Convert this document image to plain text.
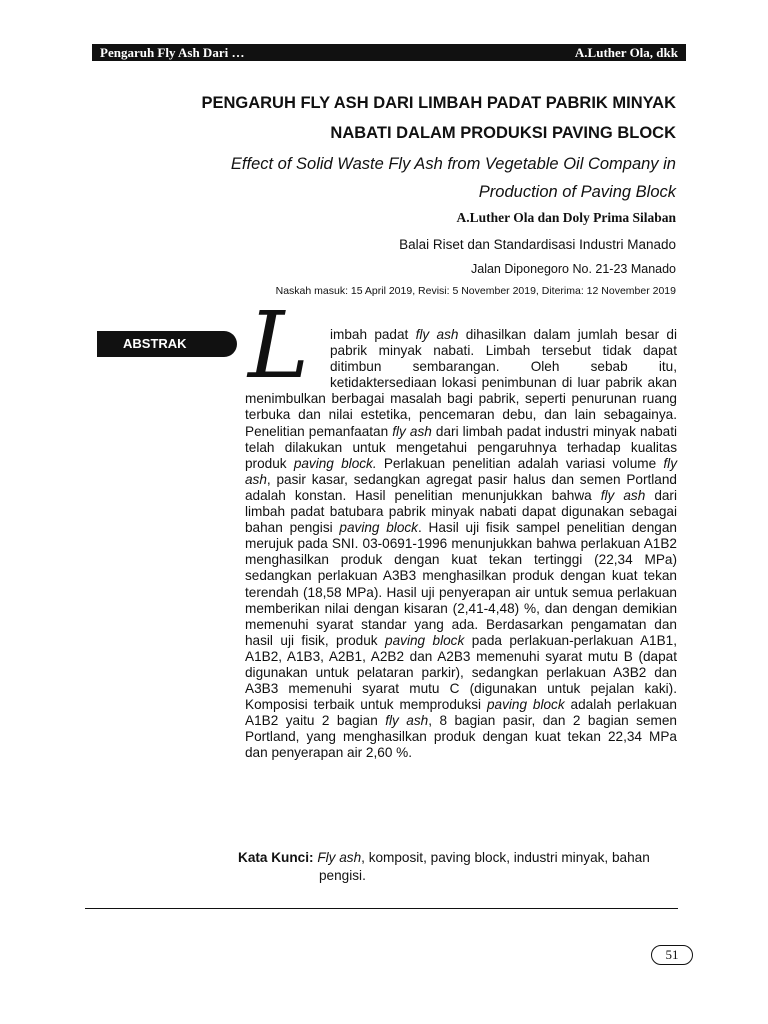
Pengaruh Fly Ash Dari …	A.Luther Ola, dkk
PENGARUH FLY ASH DARI LIMBAH PADAT PABRIK MINYAK
NABATI DALAM PRODUKSI PAVING BLOCK
Effect of Solid Waste Fly Ash from Vegetable Oil Company in
Production of Paving Block
A.Luther Ola dan Doly Prima Silaban
Balai Riset dan Standardisasi Industri Manado
Jalan Diponegoro No. 21-23 Manado
Naskah masuk: 15 April 2019, Revisi: 5 November 2019, Diterima: 12 November 2019
ABSTRAK L	imbah padat fly ash dihasilkan dalam jumlah besar di pabrik minyak nabati. Limbah tersebut tidak dapat ditimbun sembarangan. Oleh sebab itu, ketidaktersediaan lokasi penimbunan di luar pabrik akan menimbulkan berbagai masalah bagi pabrik, seperti penurunan ruang terbuka dan nilai estetika, pencemaran debu, dan lain sebagainya. Penelitian pemanfaatan fly ash dari limbah padat industri minyak nabati telah dilakukan untuk mengetahui pengaruhnya terhadap kualitas produk paving block. Perlakuan penelitian adalah variasi volume fly ash, pasir kasar, sedangkan agregat pasir halus dan semen Portland adalah konstan. Hasil penelitian menunjukkan bahwa fly ash dari limbah padat batubara pabrik minyak nabati dapat digunakan sebagai bahan pengisi paving block. Hasil uji fisik sampel penelitian dengan merujuk pada SNI. 03-0691-1996 menunjukkan bahwa perlakuan A1B2 menghasilkan produk dengan kuat tekan tertinggi (22,34 MPa) sedangkan perlakuan A3B3 menghasilkan produk dengan kuat tekan terendah (18,58 MPa). Hasil uji penyerapan air untuk semua perlakuan memberikan nilai dengan kisaran (2,41-4,48) %, dan dengan demikian memenuhi syarat standar yang ada. Berdasarkan pengamatan dan hasil uji fisik, produk paving block pada perlakuan-perlakuan A1B1, A1B2, A1B3, A2B1, A2B2 dan A2B3 memenuhi syarat mutu B (dapat digunakan untuk pelataran parkir), sedangkan perlakuan A3B2 dan A3B3 memenuhi syarat mutu C (digunakan untuk pejalan kaki). Komposisi terbaik untuk memproduksi paving block adalah perlakuan A1B2 yaitu 2 bagian fly ash, 8 bagian pasir, dan 2 bagian semen Portland, yang menghasilkan produk dengan kuat tekan 22,34 MPa dan penyerapan air 2,60 %.
Kata Kunci: Fly ash, komposit, paving block, industri minyak, bahan
pengisi.
51
